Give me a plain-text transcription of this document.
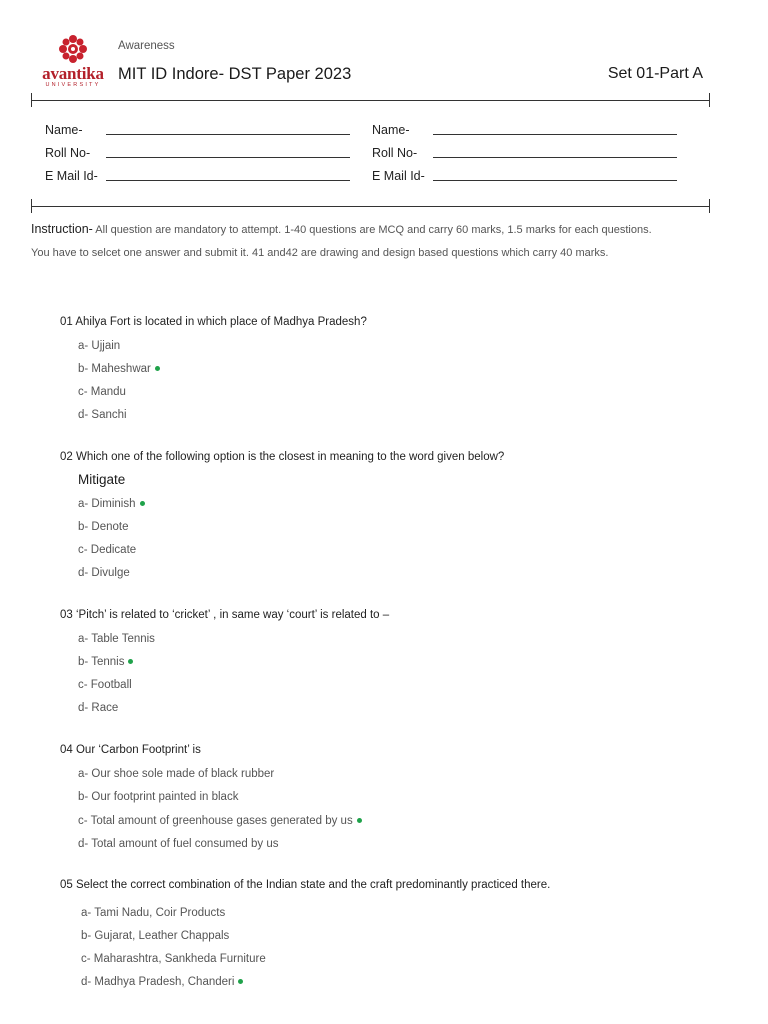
avantika
UNIVERSITY
Awareness
MIT ID Indore- DST Paper 2023	Set 01-Part A
Name-
Roll No-
E Mail Id-
Name-
Roll No-
E Mail Id-
Instruction- All question are mandatory to attempt. 1-40 questions are MCQ and carry 60 marks, 1.5 marks for each questions.
You have to selcet one answer and submit it. 41 and42 are drawing and design based questions which carry 40 marks.
01 Ahilya Fort is located in which place of Madhya Pradesh?
a- Ujjain
b- Maheshwar
c- Mandu
d- Sanchi
02 Which one of the following option is the closest in meaning to the word given below?
Mitigate
a- Diminish
b- Denote
c- Dedicate
d- Divulge
03 ‘Pitch’ is related to ‘cricket’ , in same way ‘court’ is related to –
a- Table Tennis
b- Tennis
c- Football
d- Race
04 Our ‘Carbon Footprint’ is
a- Our shoe sole made of black rubber
b- Our footprint painted in black
c- Total amount of greenhouse gases generated by us
d- Total amount of fuel consumed by us
05 Select the correct combination of the Indian state and the craft predominantly practiced there.
a- Tami Nadu, Coir Products
b- Gujarat, Leather Chappals
c- Maharashtra, Sankheda Furniture
d- Madhya Pradesh, Chanderi
